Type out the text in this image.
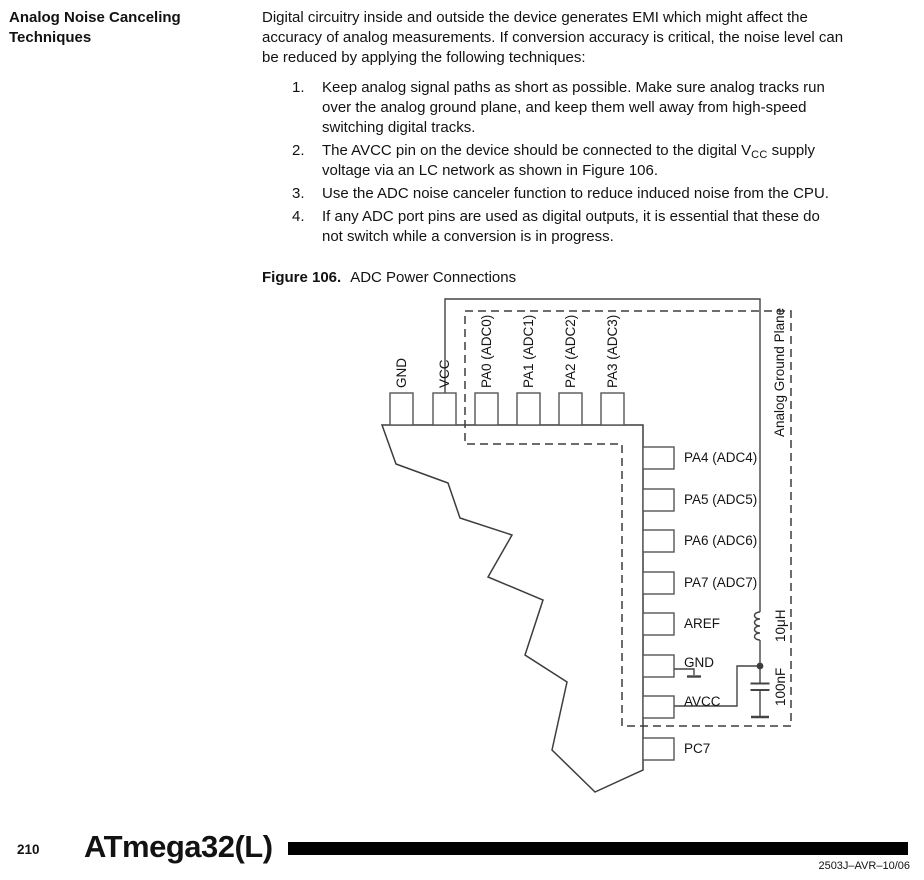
Analog Noise Canceling
Techniques
Digital circuitry inside and outside the device generates EMI which might affect the
accuracy of analog measurements. If conversion accuracy is critical, the noise level can
be reduced by applying the following techniques:
1. Keep analog signal paths as short as possible. Make sure analog tracks run
over the analog ground plane, and keep them well away from high-speed
switching digital tracks.
2. The AVCC pin on the device should be connected to the digital $V_{CC}$ supply
voltage via an LC network as shown in Figure 106.
3. Use the ADC noise canceler function to reduce induced noise from the CPU.
4. If any ADC port pins are used as digital outputs, it is essential that these do
not switch while a conversion is in progress.
Figure 106. ADC Power Connections
GND VCC PA0 (ADC0) PA1 (ADC1) PA2 (ADC2) PA3 (ADC3)
PA4 (ADC4)
PA5 (ADC5)
PA6 (ADC6)
PA7 (ADC7)
AREF
GND
AVCC
PC7
10μH
100nF
Analog Ground Plane
210 ATmega32(L)
2503J–AVR–10/06
